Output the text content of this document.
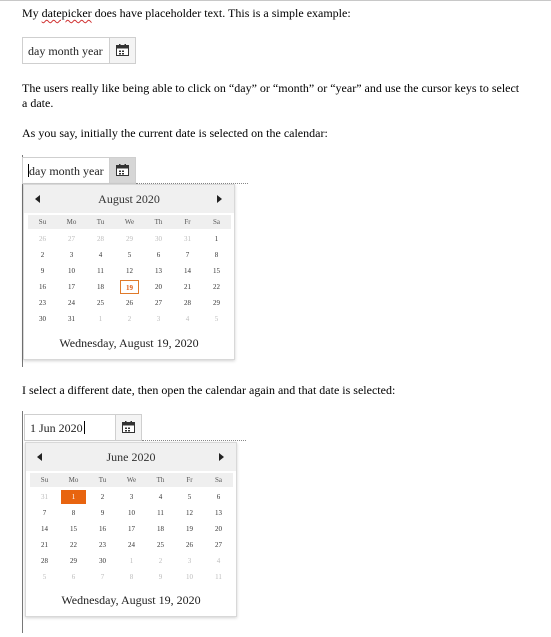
My datepicker does have placeholder text. This is a simple example:
day month year
The users really like being able to click on “day” or “month” or “year” and use the cursor keys to select a date.
As you say, initially the current date is selected on the calendar:
day month year
August 2020
Su	Mo	Tu	We	Th	Fr	Sa
26	27	28	29	30	31	1
2	3	4	5	6	7	8
9	10	11	12	13	14	15
16	17	18	19	20	21	22
23	24	25	26	27	28	29
30	31	1	2	3	4	5
Wednesday, August 19, 2020
I select a different date, then open the calendar again and that date is selected:
1 Jun 2020
June 2020
Su	Mo	Tu	We	Th	Fr	Sa
31	1	2	3	4	5	6
7	8	9	10	11	12	13
14	15	16	17	18	19	20
21	22	23	24	25	26	27
28	29	30	1	2	3	4
5	6	7	8	9	10	11
Wednesday, August 19, 2020
